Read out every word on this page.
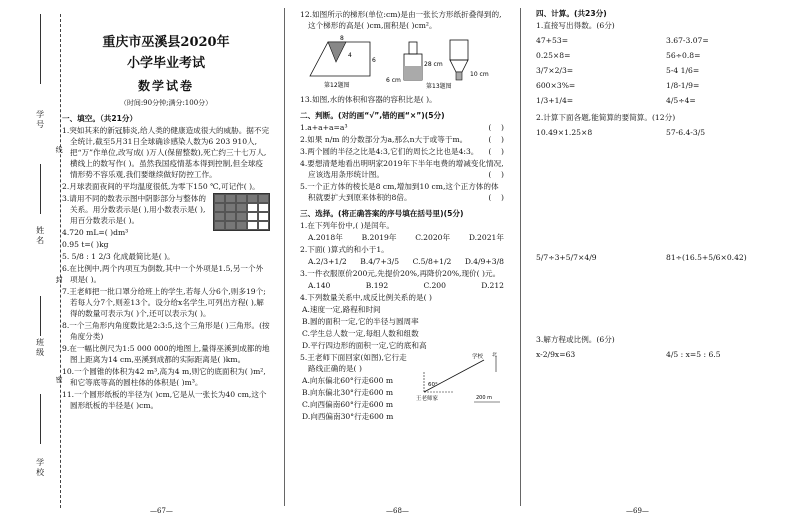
学号
线
姓名
封
班级
密
学校
重庆市巫溪县2020年
小学毕业考试
数学试卷
（时间:90分钟;满分:100分）
一、填空。（共21分）
1.突如其来的新冠肺炎,给人类的健康造成很大的威胁。据不完全统计,截至5月31日全球确诊感染人数为6 203 910人,把“万”作单位,改写成( )万人(保留整数),死亡约三十七万人,横线上的数写作( )。虽然我国疫情基本得到控制,但全球疫情形势不容乐观,我们要继续做好防控工作。
2.月球表面夜间的平均温度很低,为零下150 ℃,可记作( )。
3.请用不同的数表示图中阴影部分与整体的关系。用分数表示是( ),用小数表示是( ),用百分数表示是( )。
4.720 mL=( )dm³
0.95 t=( )kg
5. 5/8 : 1 2/3 化成最简比是( )。
6.在比例中,两个内项互为倒数,其中一个外项是1.5,另一个外项是( )。
7.王老师把一批口罩分给班上的学生,若每人分6个,则多19个;若每人分7个,则差13个。设分给x名学生,可列出方程( ),解得的数量可表示为( )个,还可以表示为( )。
8.一个三角形内角度数比是2:3:5,这个三角形是( )三角形。(按角度分类)
9.在一幅比例尺为1:5 000 000的地图上,量得巫溪到成都的地图上距离为14 cm,巫溪到成都的实际距离是( )km。
10.一个圆锥的体积为42 m³,高为4 m,则它的底面积为( )m²,和它等底等高的圆柱体的体积是( )m³。
11.一个圆形纸板的半径为( )cm,它是从一张长为40 cm,这个圆形纸板的半径是( )cm。
—67—
12.如图所示的梯形(单位:cm)是由一张长方形纸折叠得到的,这个梯形的高是( )cm,面积是( )cm²。
8
6
4
第12题图
28 cm
6 cm
10 cm
第13题图
13.如图,水的体积和容器的容积比是( )。
二、判断。(对的画“√”,错的画“×”)(5分)
1.a+a+a=a³	(    )
2.如果 n/m 的分数部分为a,那么n大于或等于m。	(    )
3.两个圆的半径之比是4:3,它们的周长之比也是4:3。 (    )
4.要想清楚地看出明明家2019年下半年电费的增减变化情况,应该选用条形统计图。	(    )
5.一个正方体的棱长是8 cm,增加到10 cm,这个正方体的体积就要扩大到原来体积的8倍。	(    )
三、选择。(将正确答案的序号填在括号里)(5分)
1.在下列年份中,( )是闰年。
A.2018年 B.2019年 C.2020年 D.2021年
2.下面( )算式的和小于1。
A.2/3+1/2 B.4/7+3/5 C.5/8+1/2 D.4/9+3/8
3.一件衣服原价200元,先提价20%,再降价20%,现价( )元。
A.140	B.192	C.200	D.212
4.下列数量关系中,成反比例关系的是( )
A.速度一定,路程和时间
B.圆的面积一定,它的半径与圆周率
C.学生总人数一定,每组人数和组数
D.平行四边形的面积一定,它的底和高
60°
王老师家
学校 北
200 m
5.王老师下面回家(如图),它行走路线正确的是( )
A.向东偏北60°行走600 m
B.向东偏北30°行走600 m
C.向西偏南60°行走600 m
D.向西偏南30°行走600 m
—68—
四、计算。(共23分)
1.直接写出得数。(6分)
47+53=	3.67-3.07=
0.25×8=	56÷0.8=
3/7×2/3=	5-4 1/6=
600×3%=	1/8-1/9=
1/3+1/4=	4/5÷4=
2.计算下面各题,能简算的要简算。(12分)
10.49×1.25×8	57-6.4-3/5
5/7÷3+5/7×4/9	81÷(16.5+5/6×0.42)
3.解方程或比例。(6分)
x-2/9x=63	4/5 : x=5 : 6.5
—69—
